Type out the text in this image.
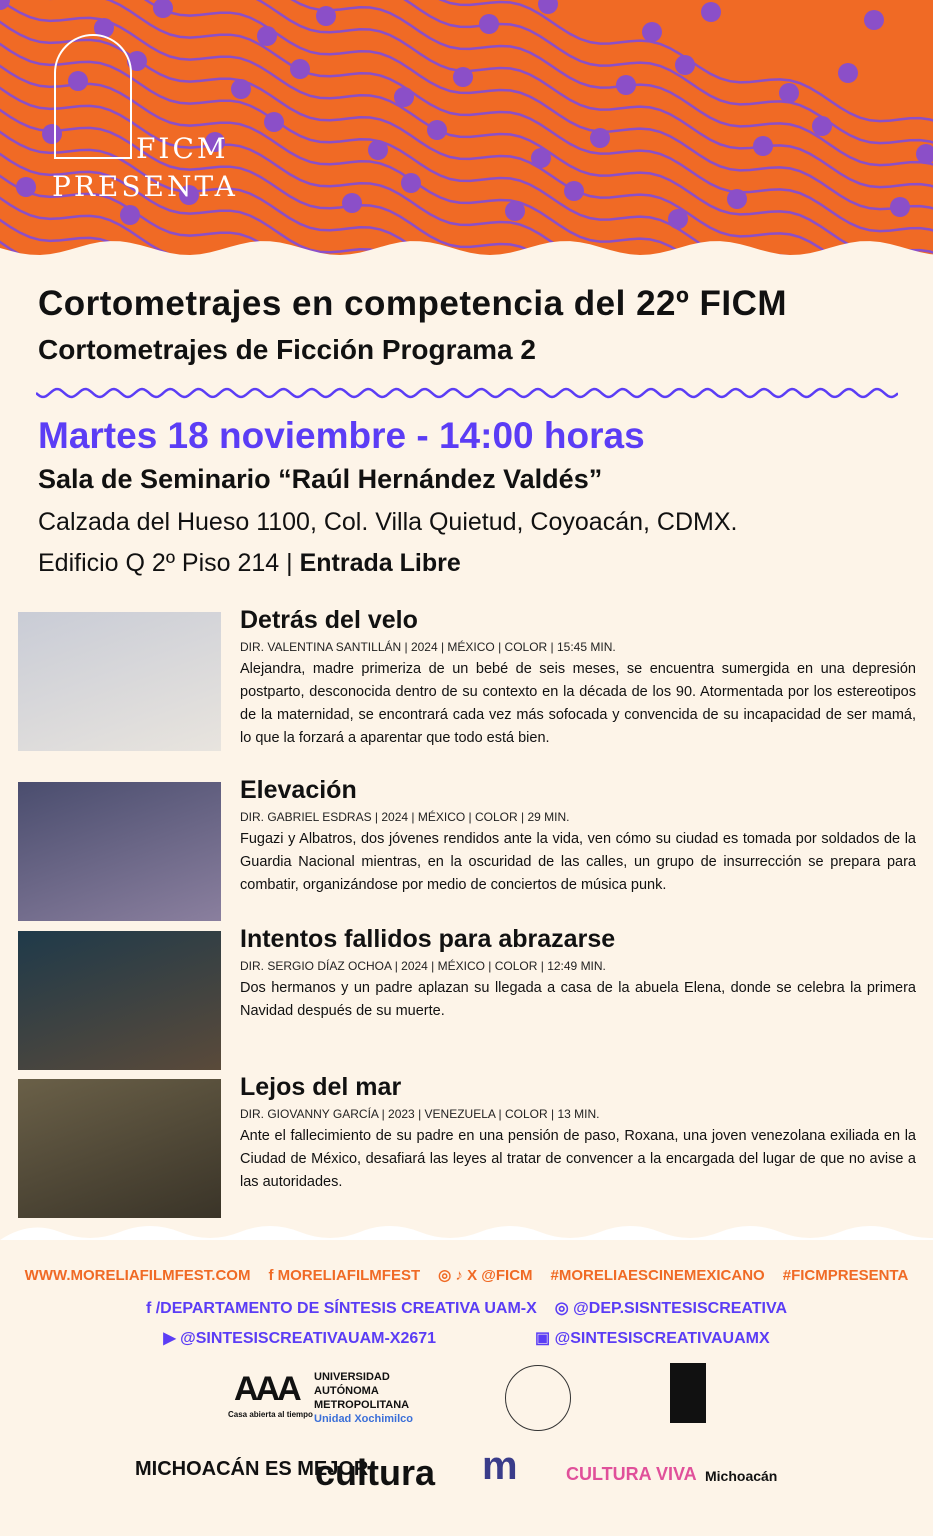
FICM
PRESENTA
Cortometrajes en competencia del 22º FICM
Cortometrajes de Ficción Programa 2
Martes 18 noviembre - 14:00 horas
Sala de Seminario “Raúl Hernández Valdés”
Calzada del Hueso 1100, Col. Villa Quietud, Coyoacán, CDMX.
Edificio Q 2º Piso 214 | Entrada Libre
Detrás del velo
DIR. VALENTINA SANTILLÁN | 2024 | MÉXICO | COLOR | 15:45 MIN.
Alejandra, madre primeriza de un bebé de seis meses, se encuentra sumergida en una depresión postparto, desconocida dentro de su contexto en la década de los 90. Atormentada por los estereotipos de la maternidad, se encontrará cada vez más sofocada y convencida de su incapacidad de ser mamá, lo que la forzará a aparentar que todo está bien.
Elevación
DIR. GABRIEL ESDRAS | 2024 | MÉXICO | COLOR | 29 MIN.
Fugazi y Albatros, dos jóvenes rendidos ante la vida, ven cómo su ciudad es tomada por soldados de la Guardia Nacional mientras, en la oscuridad de las calles, un grupo de insurrección se prepara para combatir, organizándose por medio de conciertos de música punk.
Intentos fallidos para abrazarse
DIR. SERGIO DÍAZ OCHOA | 2024 | MÉXICO | COLOR | 12:49 MIN.
Dos hermanos y un padre aplazan su llegada a casa de la abuela Elena, donde se celebra la primera Navidad después de su muerte.
Lejos del mar
DIR. GIOVANNY GARCÍA | 2023 | VENEZUELA | COLOR | 13 MIN.
Ante el fallecimiento de su padre en una pensión de paso, Roxana, una joven venezolana exiliada en la Ciudad de México, desafiará las leyes al tratar de convencer a la encargada del lugar de que no avise a las autoridades.
WWW.MORELIAFILMFEST.COM f MORELIAFILMFEST ◎ ♪ X @FICM #MORELIAESCINEMEXICANO #FICMPRESENTA
f /DEPARTAMENTO DE SÍNTESIS CREATIVA UAM-X ◎ @DEP.SISNTESISCREATIVA
▶ @SINTESISCREATIVAUAM-X2671	▣ @SINTESISCREATIVAUAMX
AAA
Casa abierta al tiempo
UNIVERSIDAD
AUTÓNOMA
METROPOLITANA
Unidad Xochimilco
MICHOACÁN ES MEJOR
cultura m	CULTURA VIVA Michoacán
